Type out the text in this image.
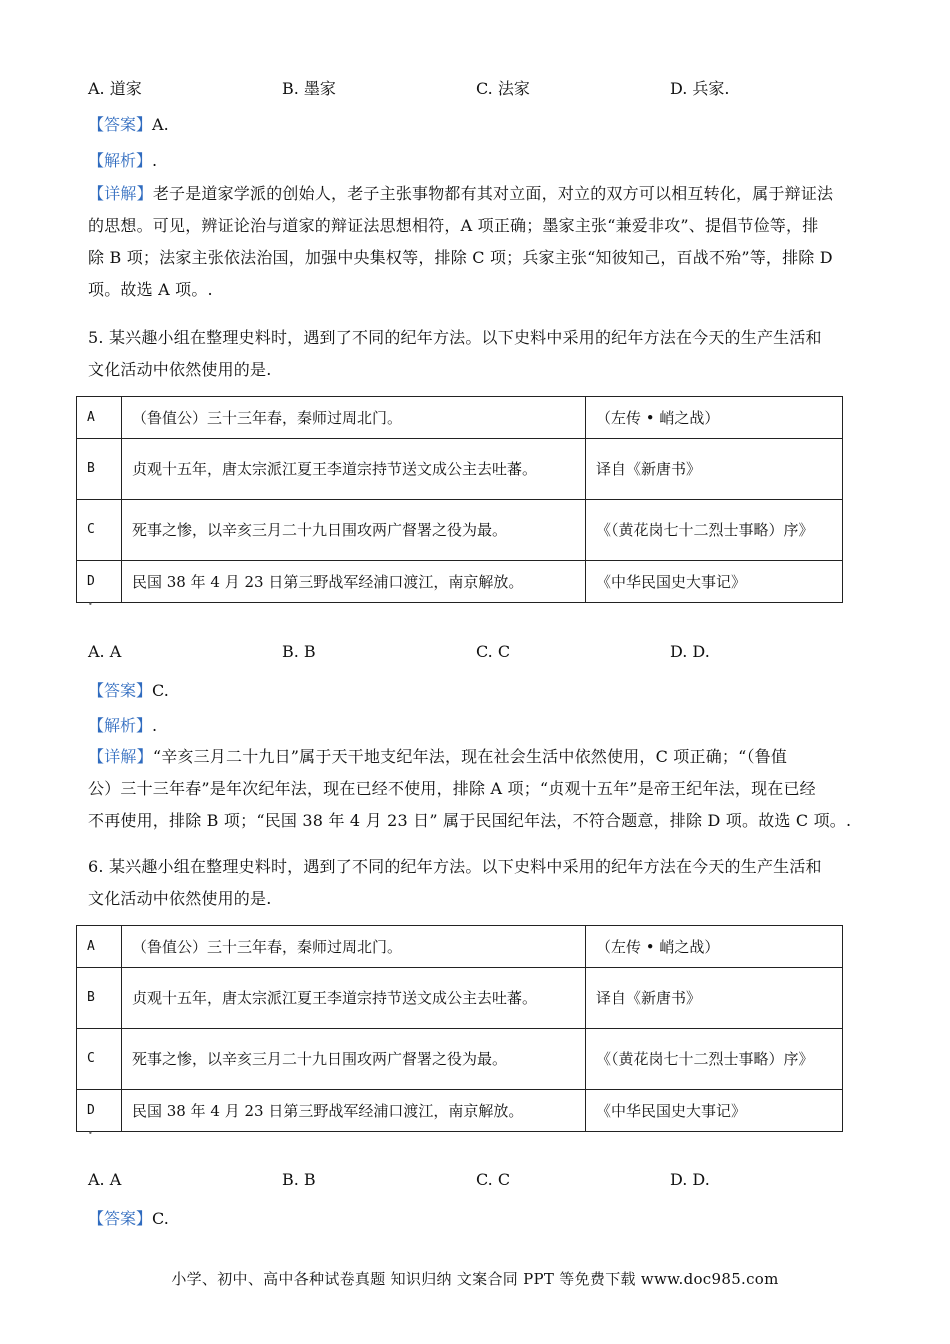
A. 道家	B. 墨家	C. 法家	D. 兵家.
【答案】A.
【解析】.
【详解】老子是道家学派的创始人，老子主张事物都有其对立面，对立的双方可以相互转化，属于辩证法
的思想。可见，辨证论治与道家的辩证法思想相符，A 项正确；墨家主张“兼爱非攻”、提倡节俭等，排
除 B 项；法家主张依法治国，加强中央集权等，排除 C 项；兵家主张“知彼知己，百战不殆”等，排除 D
项。故选 A 项。.
5. 某兴趣小组在整理史料时，遇到了不同的纪年方法。以下史料中采用的纪年方法在今天的生产生活和
文化活动中依然使用的是.
A	（鲁值公）三十三年春，秦师过周北门。	（左传 • 峭之战）
B	贞观十五年，唐太宗派江夏王李道宗持节送文成公主去吐蕃。	译自《新唐书》
C	死事之惨，以辛亥三月二十九日围攻两广督署之役为最。	《（黄花岗七十二烈士事略）序》
D	民国 38 年 4 月 23 日第三野战军经浦口渡江，南京解放。	《中华民国史大事记》
•
A. A	B. B	C. C	D. D.
【答案】C.
【解析】.
【详解】“辛亥三月二十九日”属于天干地支纪年法，现在社会生活中依然使用，C 项正确；“（鲁值
公）三十三年春”是年次纪年法，现在已经不使用，排除 A 项；“贞观十五年”是帝王纪年法，现在已经
不再使用，排除 B 项；“民国 38 年 4 月 23 日” 属于民国纪年法，不符合题意，排除 D 项。故选 C 项。.
6. 某兴趣小组在整理史料时，遇到了不同的纪年方法。以下史料中采用的纪年方法在今天的生产生活和
文化活动中依然使用的是.
A	（鲁值公）三十三年春，秦师过周北门。	（左传 • 峭之战）
B	贞观十五年，唐太宗派江夏王李道宗持节送文成公主去吐蕃。	译自《新唐书》
C	死事之惨，以辛亥三月二十九日围攻两广督署之役为最。	《（黄花岗七十二烈士事略）序》
D	民国 38 年 4 月 23 日第三野战军经浦口渡江，南京解放。	《中华民国史大事记》
•
A. A	B. B	C. C	D. D.
【答案】C.
小学、初中、高中各种试卷真题 知识归纳 文案合同 PPT 等免费下载 www.doc985.com
